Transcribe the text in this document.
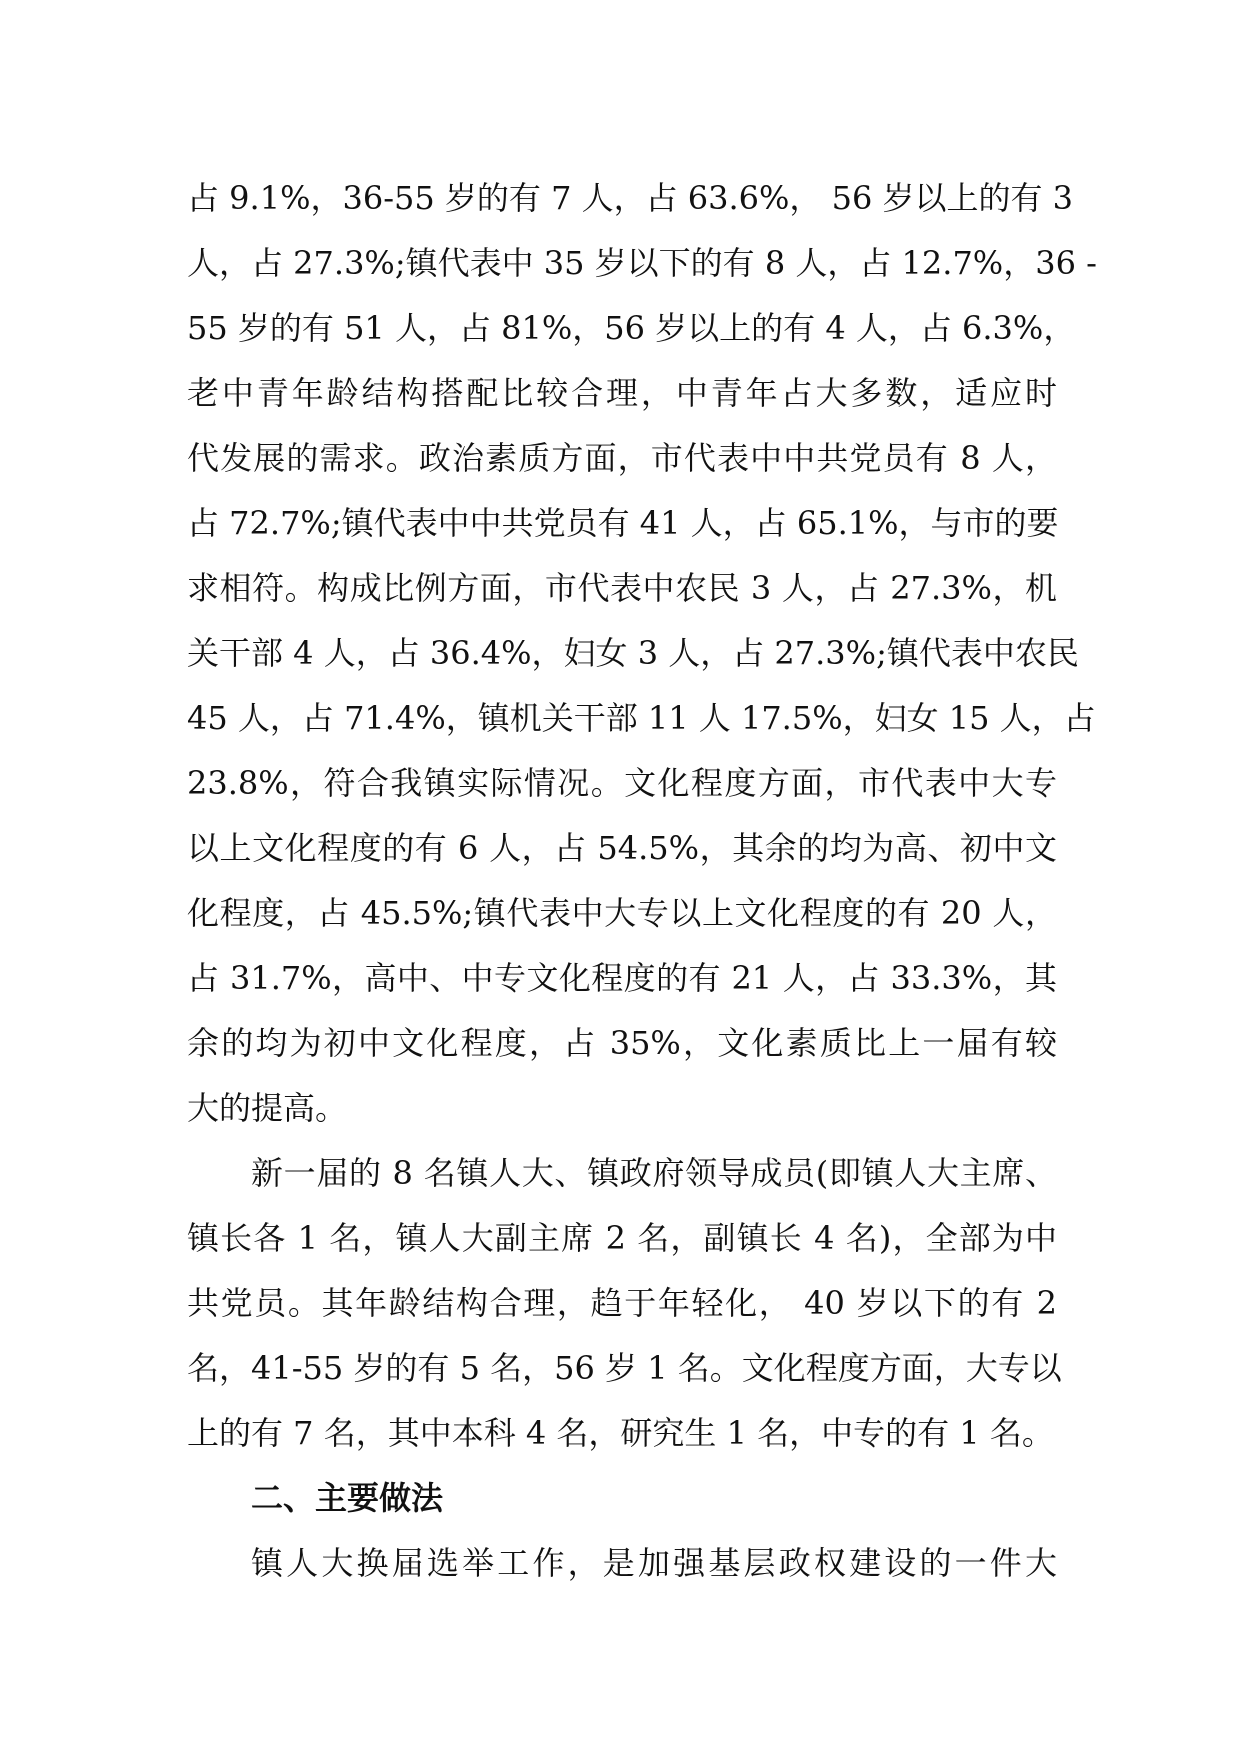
占 9.1%，36-55 岁的有 7 人，占 63.6%， 56 岁以上的有 3
人，占 27.3%;镇代表中 35 岁以下的有 8 人，占 12.7%，36 -
55 岁的有 51 人，占 81%，56 岁以上的有 4 人，占 6.3%，
老中青年龄结构搭配比较合理，中青年占大多数，适应时
代发展的需求。政治素质方面，市代表中中共党员有 8 人，
占 72.7%;镇代表中中共党员有 41 人，占 65.1%，与市的要
求相符。构成比例方面，市代表中农民 3 人，占 27.3%，机
关干部 4 人，占 36.4%，妇女 3 人，占 27.3%;镇代表中农民
45 人，占 71.4%，镇机关干部 11 人 17.5%，妇女 15 人，占
23.8%，符合我镇实际情况。文化程度方面，市代表中大专
以上文化程度的有 6 人，占 54.5%，其余的均为高、初中文
化程度，占 45.5%;镇代表中大专以上文化程度的有 20 人，
占 31.7%，高中、中专文化程度的有 21 人，占 33.3%，其
余的均为初中文化程度，占 35%，文化素质比上一届有较
大的提高。
新一届的 8 名镇人大、镇政府领导成员(即镇人大主席、
镇长各 1 名，镇人大副主席 2 名，副镇长 4 名)，全部为中
共党员。其年龄结构合理，趋于年轻化， 40 岁以下的有 2
名，41-55 岁的有 5 名，56 岁 1 名。文化程度方面，大专以
上的有 7 名，其中本科 4 名，研究生 1 名，中专的有 1 名。
二、主要做法
镇人大换届选举工作，是加强基层政权建设的一件大
